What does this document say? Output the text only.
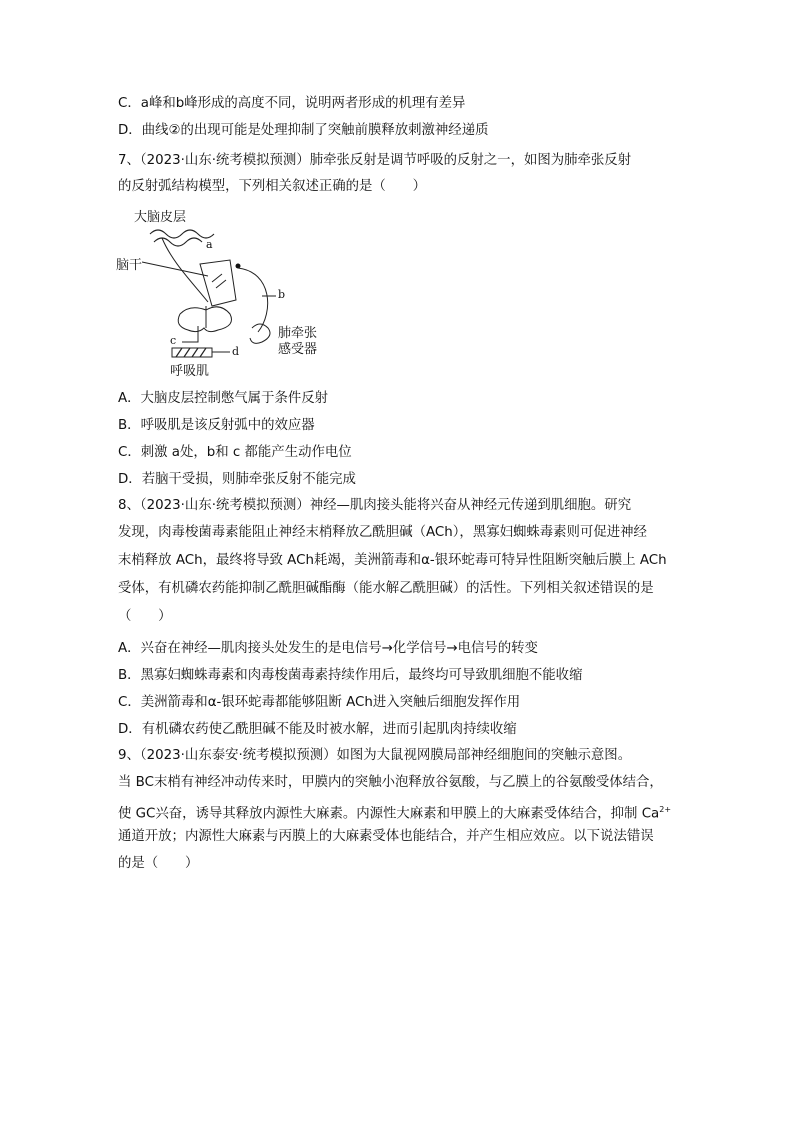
C．a峰和b峰形成的高度不同，说明两者形成的机理有差异
D．曲线②的出现可能是处理抑制了突触前膜释放刺激神经递质
7、（2023·山东·统考模拟预测）肺牵张反射是调节呼吸的反射之一，如图为肺牵张反射
的反射弧结构模型，下列相关叙述正确的是（　　）
大脑皮层
脑干
a
b
c
d
肺牵张
感受器
呼吸肌
A．大脑皮层控制憋气属于条件反射
B．呼吸肌是该反射弧中的效应器
C．刺激 a处，b和 c 都能产生动作电位
D．若脑干受损，则肺牵张反射不能完成
8、（2023·山东·统考模拟预测）神经—肌肉接头能将兴奋从神经元传递到肌细胞。研究
发现，肉毒梭菌毒素能阻止神经末梢释放乙酰胆碱（ACh），黑寡妇蜘蛛毒素则可促进神经
末梢释放 ACh，最终将导致 ACh耗竭，美洲箭毒和α-银环蛇毒可特异性阻断突触后膜上 ACh
受体，有机磷农药能抑制乙酰胆碱酯酶（能水解乙酰胆碱）的活性。下列相关叙述错误的是
（　　）
A．兴奋在神经—肌肉接头处发生的是电信号→化学信号→电信号的转变
B．黑寡妇蜘蛛毒素和肉毒梭菌毒素持续作用后，最终均可导致肌细胞不能收缩
C．美洲箭毒和α-银环蛇毒都能够阻断 ACh进入突触后细胞发挥作用
D．有机磷农药使乙酰胆碱不能及时被水解，进而引起肌肉持续收缩
9、（2023·山东泰安·统考模拟预测）如图为大鼠视网膜局部神经细胞间的突触示意图。
当 BC末梢有神经冲动传来时，甲膜内的突触小泡释放谷氨酸，与乙膜上的谷氨酸受体结合，
使 GC兴奋，诱导其释放内源性大麻素。内源性大麻素和甲膜上的大麻素受体结合，抑制 $Ca^{2+}$
通道开放；内源性大麻素与丙膜上的大麻素受体也能结合，并产生相应效应。以下说法错误
的是（　　）
